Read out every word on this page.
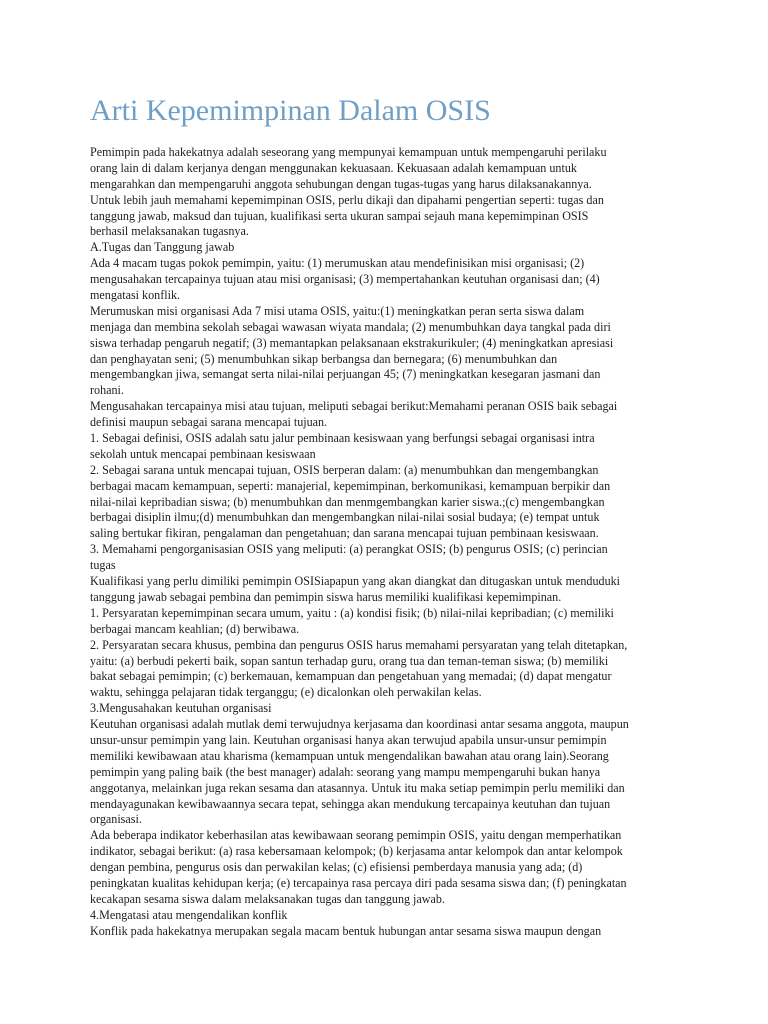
Arti Kepemimpinan Dalam OSIS
Pemimpin pada hakekatnya adalah seseorang yang mempunyai kemampuan untuk mempengaruhi perilaku
orang lain di dalam kerjanya dengan menggunakan kekuasaan. Kekuasaan adalah kemampuan untuk
mengarahkan dan mempengaruhi anggota sehubungan dengan tugas-tugas yang harus dilaksanakannya.
Untuk lebih jauh memahami kepemimpinan OSIS, perlu dikaji dan dipahami pengertian seperti: tugas dan
tanggung jawab, maksud dan tujuan, kualifikasi serta ukuran sampai sejauh mana kepemimpinan OSIS
berhasil melaksanakan tugasnya.
A.Tugas dan Tanggung jawab
Ada 4 macam tugas pokok pemimpin, yaitu: (1) merumuskan atau mendefinisikan misi organisasi; (2)
mengusahakan tercapainya tujuan atau misi organisasi; (3) mempertahankan keutuhan organisasi dan; (4)
mengatasi konflik.
Merumuskan misi organisasi Ada 7 misi utama OSIS, yaitu:(1) meningkatkan peran serta siswa dalam
menjaga dan membina sekolah sebagai wawasan wiyata mandala; (2) menumbuhkan daya tangkal pada diri
siswa terhadap pengaruh negatif; (3) memantapkan pelaksanaan ekstrakurikuler; (4) meningkatkan apresiasi
dan penghayatan seni; (5) menumbuhkan sikap berbangsa dan bernegara; (6) menumbuhkan dan
mengembangkan jiwa, semangat serta nilai-nilai perjuangan 45; (7) meningkatkan kesegaran jasmani dan
rohani.
Mengusahakan tercapainya misi atau tujuan, meliputi sebagai berikut:Memahami peranan OSIS baik sebagai
definisi maupun sebagai sarana mencapai tujuan.
1. Sebagai definisi, OSIS adalah satu jalur pembinaan kesiswaan yang berfungsi sebagai organisasi intra
sekolah untuk mencapai pembinaan kesiswaan
2. Sebagai sarana untuk mencapai tujuan, OSIS berperan dalam: (a) menumbuhkan dan mengembangkan
berbagai macam kemampuan, seperti: manajerial, kepemimpinan, berkomunikasi, kemampuan berpikir dan
nilai-nilai kepribadian siswa; (b) menumbuhkan dan menmgembangkan karier siswa.;(c) mengembangkan
berbagai disiplin ilmu;(d) menumbuhkan dan mengembangkan nilai-nilai sosial budaya; (e) tempat untuk
saling bertukar fikiran, pengalaman dan pengetahuan; dan sarana mencapai tujuan pembinaan kesiswaan.
3. Memahami pengorganisasian OSIS yang meliputi: (a) perangkat OSIS; (b) pengurus OSIS; (c) perincian
tugas
Kualifikasi yang perlu dimiliki pemimpin OSISiapapun yang akan diangkat dan ditugaskan untuk menduduki
tanggung jawab sebagai pembina dan pemimpin siswa harus memiliki kualifikasi kepemimpinan.
1. Persyaratan kepemimpinan secara umum, yaitu : (a) kondisi fisik; (b) nilai-nilai kepribadian; (c) memiliki
berbagai mancam keahlian; (d) berwibawa.
2. Persyaratan secara khusus, pembina dan pengurus OSIS harus memahami persyaratan yang telah ditetapkan,
yaitu: (a) berbudi pekerti baik, sopan santun terhadap guru, orang tua dan teman-teman siswa; (b) memiliki
bakat sebagai pemimpin; (c) berkemauan, kemampuan dan pengetahuan yang memadai; (d) dapat mengatur
waktu, sehingga pelajaran tidak terganggu; (e) dicalonkan oleh perwakilan kelas.
3.Mengusahakan keutuhan organisasi
Keutuhan organisasi adalah mutlak demi terwujudnya kerjasama dan koordinasi antar sesama anggota, maupun
unsur-unsur pemimpin yang lain. Keutuhan organisasi hanya akan terwujud apabila unsur-unsur pemimpin
memiliki kewibawaan atau kharisma (kemampuan untuk mengendalikan bawahan atau orang lain).Seorang
pemimpin yang paling baik (the best manager) adalah: seorang yang mampu mempengaruhi bukan hanya
anggotanya, melainkan juga rekan sesama dan atasannya. Untuk itu maka setiap pemimpin perlu memiliki dan
mendayagunakan kewibawaannya secara tepat, sehingga akan mendukung tercapainya keutuhan dan tujuan
organisasi.
Ada beberapa indikator keberhasilan atas kewibawaan seorang pemimpin OSIS, yaitu dengan memperhatikan
indikator, sebagai berikut: (a) rasa kebersamaan kelompok; (b) kerjasama antar kelompok dan antar kelompok
dengan pembina, pengurus osis dan perwakilan kelas; (c) efisiensi pemberdaya manusia yang ada; (d)
peningkatan kualitas kehidupan kerja; (e) tercapainya rasa percaya diri pada sesama siswa dan; (f) peningkatan
kecakapan sesama siswa dalam melaksanakan tugas dan tanggung jawab.
4.Mengatasi atau mengendalikan konflik
Konflik pada hakekatnya merupakan segala macam bentuk hubungan antar sesama siswa maupun dengan
